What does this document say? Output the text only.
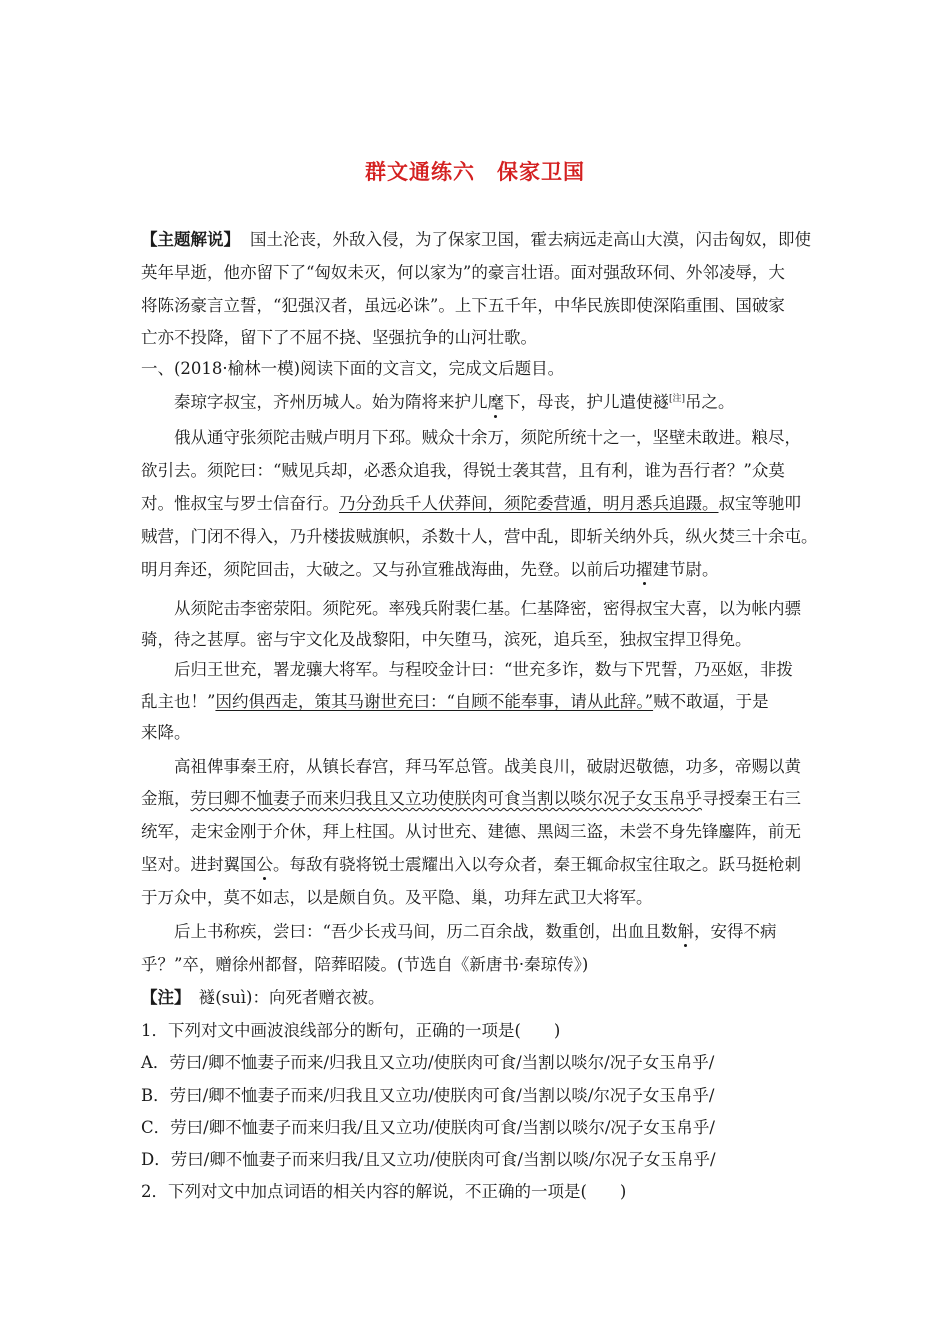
群文通练六　保家卫国
【主题解说】 国土沦丧，外敌入侵，为了保家卫国，霍去病远走高山大漠，闪击匈奴，即使
英年早逝，他亦留下了“匈奴未灭，何以家为”的豪言壮语。面对强敌环伺、外邻凌辱，大
将陈汤豪言立誓，“犯强汉者，虽远必诛”。上下五千年，中华民族即使深陷重围、国破家
亡亦不投降，留下了不屈不挠、坚强抗争的山河壮歌。
一、(2018·榆林一模)阅读下面的文言文，完成文后题目。
秦琼字叔宝，齐州历城人。始为隋将来护儿麾下，母丧，护儿遣使襚[注]吊之。
俄从通守张须陀击贼卢明月下邳。贼众十余万，须陀所统十之一，坚壁未敢进。粮尽，
欲引去。须陀曰：“贼见兵却，必悉众追我，得锐士袭其营，且有利，谁为吾行者？”众莫
对。惟叔宝与罗士信奋行。乃分劲兵千人伏莽间，须陀委营遁，明月悉兵追蹑。叔宝等驰叩
贼营，门闭不得入，乃升楼拔贼旗帜，杀数十人，营中乱，即斩关纳外兵，纵火焚三十余屯。
明月奔还，须陀回击，大破之。又与孙宣雅战海曲，先登。以前后功擢建节尉。
从须陀击李密荥阳。须陀死。率残兵附裴仁基。仁基降密，密得叔宝大喜，以为帐内骠
骑，待之甚厚。密与宇文化及战黎阳，中矢堕马，滨死，追兵至，独叔宝捍卫得免。
后归王世充，署龙骧大将军。与程咬金计曰：“世充多诈，数与下咒誓，乃巫妪，非拨
乱主也！”因约俱西走，策其马谢世充曰：“自顾不能奉事，请从此辞。”贼不敢逼，于是
来降。
高祖俾事秦王府，从镇长春宫，拜马军总管。战美良川，破尉迟敬德，功多，帝赐以黄
金瓶，劳曰卿不恤妻子而来归我且又立功使朕肉可食当割以啖尔况子女玉帛乎寻授秦王右三
统军，走宋金刚于介休，拜上柱国。从讨世充、建德、黑闼三盗，未尝不身先锋鏖阵，前无
坚对。进封翼国公。每敌有骁将锐士震耀出入以夸众者，秦王辄命叔宝往取之。跃马挺枪刺
于万众中，莫不如志，以是颇自负。及平隐、巢，功拜左武卫大将军。
后上书称疾，尝曰：“吾少长戎马间，历二百余战，数重创，出血且数斛，安得不病
乎？”卒，赠徐州都督，陪葬昭陵。(节选自《新唐书·秦琼传》)
【注】　襚(suì)：向死者赠衣被。
1．下列对文中画波浪线部分的断句，正确的一项是(　　)
A．劳曰/卿不恤妻子而来/归我且又立功/使朕肉可食/当割以啖尔/况子女玉帛乎/
B．劳曰/卿不恤妻子而来/归我且又立功/使朕肉可食/当割以啖/尔况子女玉帛乎/
C．劳曰/卿不恤妻子而来归我/且又立功/使朕肉可食/当割以啖尔/况子女玉帛乎/
D．劳曰/卿不恤妻子而来归我/且又立功/使朕肉可食/当割以啖/尔况子女玉帛乎/
2．下列对文中加点词语的相关内容的解说，不正确的一项是(　　)
